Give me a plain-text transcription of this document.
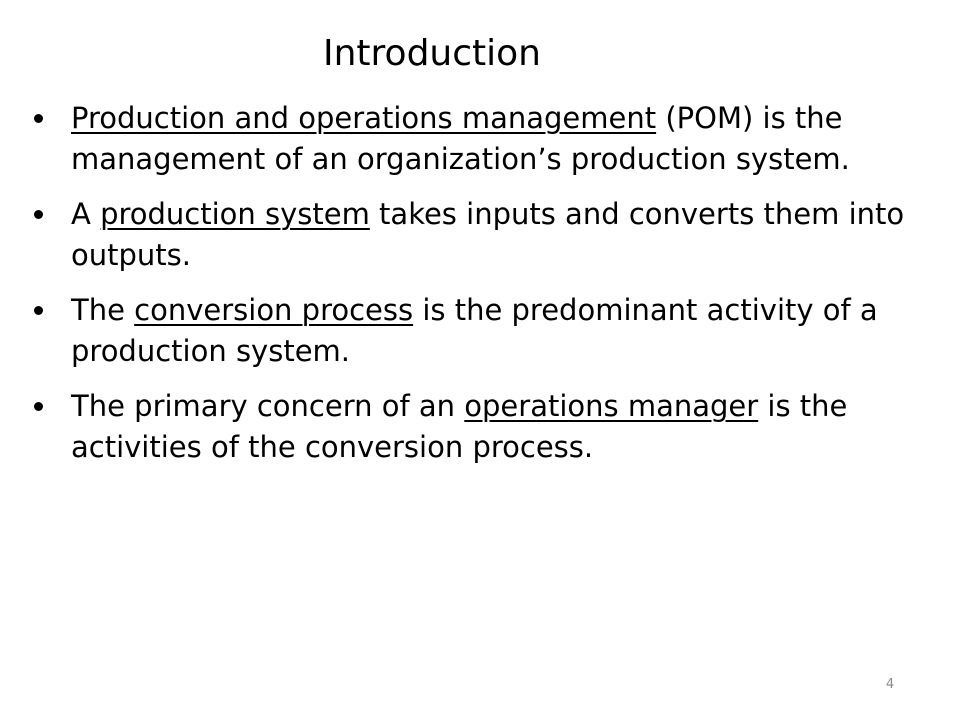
Introduction
Production and operations management (POM) is the management of an organization’s production system.
A production system takes inputs and converts them into outputs.
The conversion process is the predominant activity of a production system.
The primary concern of an operations manager is the activities of the conversion process.
4
